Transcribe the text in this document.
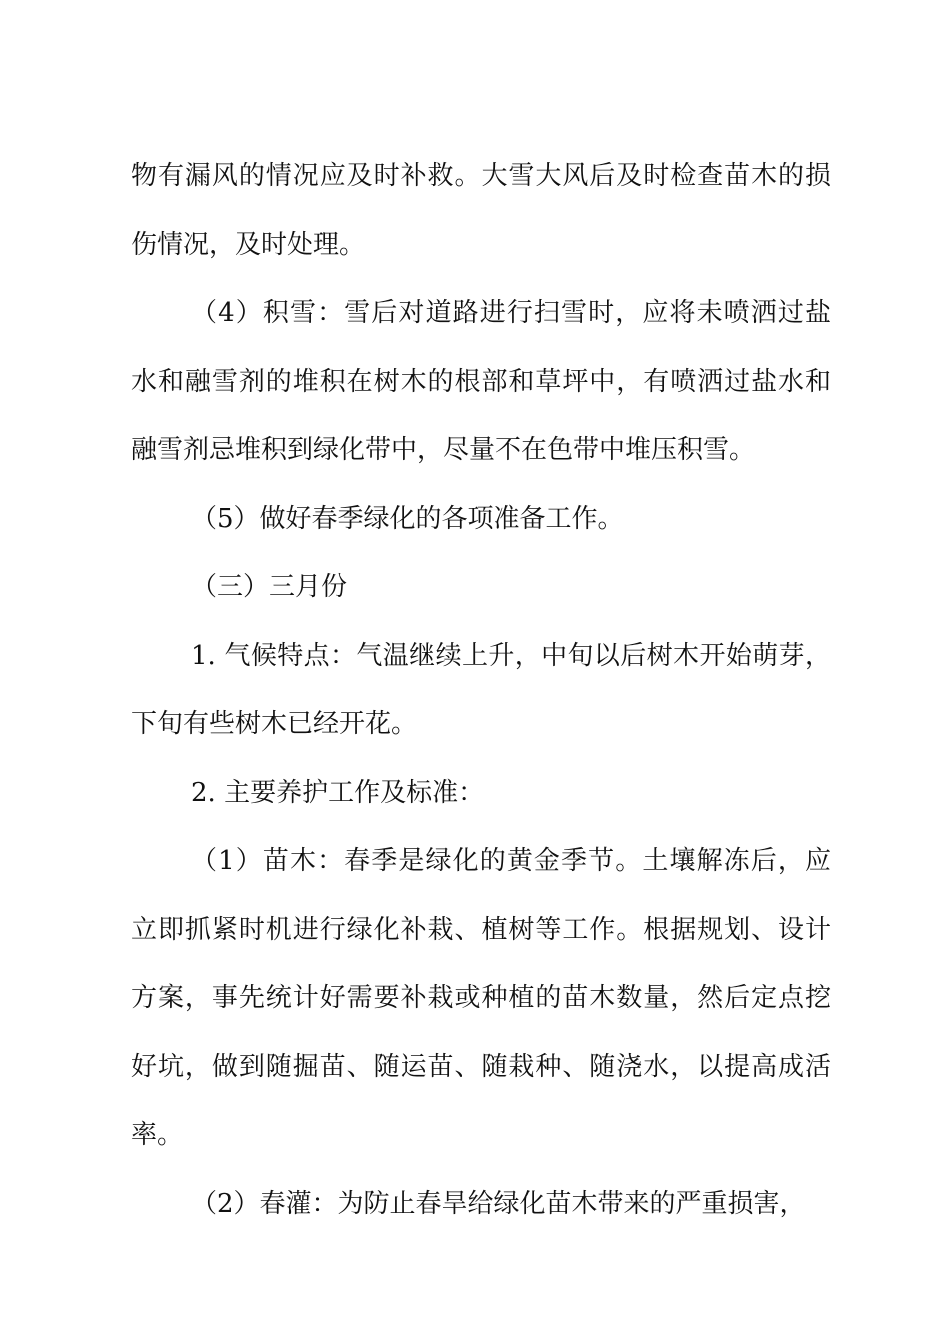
物有漏风的情况应及时补救。大雪大风后及时检查苗木的损伤情况，及时处理。

（4）积雪：雪后对道路进行扫雪时，应将未喷洒过盐水和融雪剂的堆积在树木的根部和草坪中，有喷洒过盐水和融雪剂忌堆积到绿化带中，尽量不在色带中堆压积雪。

（5）做好春季绿化的各项准备工作。

（三）三月份

1. 气候特点：气温继续上升，中旬以后树木开始萌芽，下旬有些树木已经开花。

2. 主要养护工作及标准：

（1）苗木：春季是绿化的黄金季节。土壤解冻后，应立即抓紧时机进行绿化补栽、植树等工作。根据规划、设计方案，事先统计好需要补栽或种植的苗木数量，然后定点挖好坑，做到随掘苗、随运苗、随栽种、随浇水，以提高成活率。

（2）春灌：为防止春旱给绿化苗木带来的严重损害，
